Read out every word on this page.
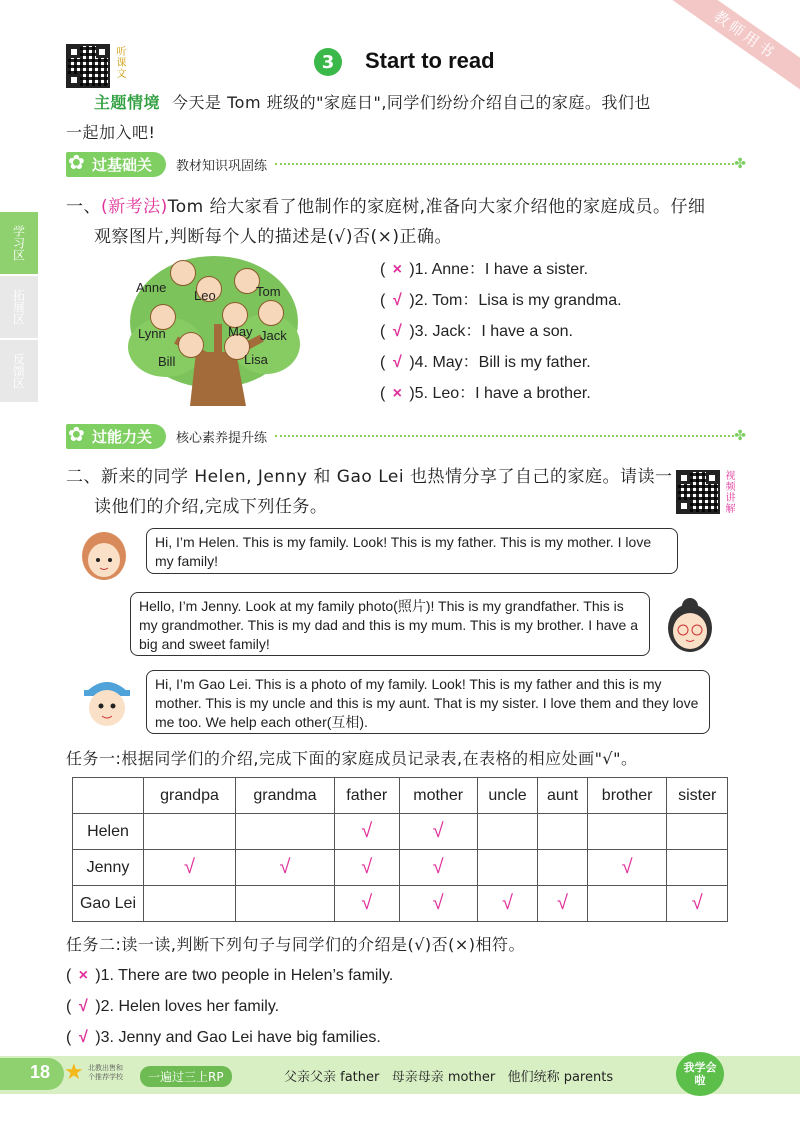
教师用书
听课文	3	Start to read
主题情境 今天是 Tom 班级的"家庭日",同学们纷纷介绍自己的家庭。我们也
一起加入吧!
学习区
拓展区
反馈区
✿ 过基础关	教材知识巩固练	✤
一、(新考法)Tom 给大家看了他制作的家庭树,准备向大家介绍他的家庭成员。仔细
观察图片,判断每个人的描述是(√)否(×)正确。
Anne
Leo	Tom
Lynn	May Jack
Bill	Lisa
( × )1. Anne：I have a sister.
( √ )2. Tom：Lisa is my grandma.
( √ )3. Jack：I have a son.
( √ )4. May：Bill is my father.
( × )5. Leo：I have a brother.
✿ 过能力关	核心素养提升练	✤
二、新来的同学 Helen, Jenny 和 Gao Lei 也热情分享了自己的家庭。请读一
读他们的介绍,完成下列任务。	视频讲解
Hi, I’m Helen. This is my family. Look! This is my father. This is my mother. I love my family!
Hello, I’m Jenny. Look at my family photo(照片)! This is my grandfather. This is my grandmother. This is my dad and this is my mum. This is my brother. I have a big and sweet family!
Hi, I’m Gao Lei. This is a photo of my family. Look! This is my father and this is my mother. This is my uncle and this is my aunt. That is my sister. I love them and they love me too. We help each other(互相).
任务一:根据同学们的介绍,完成下面的家庭成员记录表,在表格的相应处画"√"。
	grandpa	grandma	father	mother	uncle	aunt	brother	sister
Helen			√	√				
Jenny	√	√	√	√			√	
Gao Lei			√	√	√	√		√
任务二:读一读,判断下列句子与同学们的介绍是(√)否(×)相符。
( × )1. There are two people in Helen’s family.
( √ )2. Helen loves her family.
( √ )3. Jenny and Gao Lei have big families.
18 ★ 北教出售和
个推荐学校	一遍过三上RP	父亲父亲 father   母亲母亲 mother   他们统称 parents
我学会啦
